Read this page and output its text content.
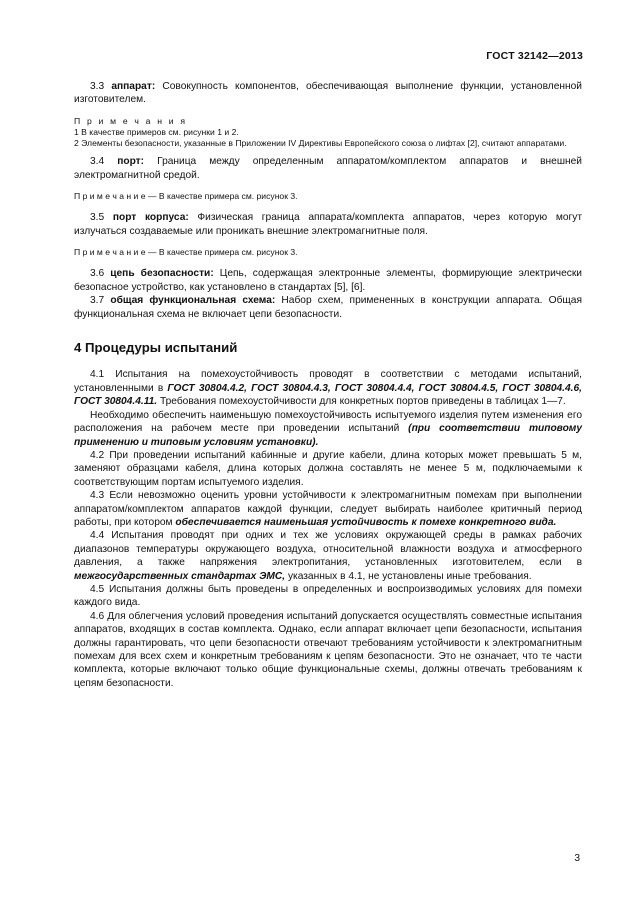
ГОСТ 32142—2013

3.3 аппарат: Совокупность компонентов, обеспечивающая выполнение функции, установленной изготовителем.

П р и м е ч а н и я

1 В качестве примеров см. рисунки 1 и 2.

2 Элементы безопасности, указанные в Приложении IV Директивы Европейского союза о лифтах [2], считают аппаратами.

3.4 порт: Граница между определенным аппаратом/комплектом аппаратов и внешней электромагнитной средой.

П р и м е ч а н и е — В качестве примера см. рисунок 3.

3.5 порт корпуса: Физическая граница аппарата/комплекта аппаратов, через которую могут излучаться создаваемые или проникать внешние электромагнитные поля.

П р и м е ч а н и е — В качестве примера см. рисунок 3.

3.6 цепь безопасности: Цепь, содержащая электронные элементы, формирующие электрически безопасное устройство, как установлено в стандартах [5], [6].

3.7 общая функциональная схема: Набор схем, примененных в конструкции аппарата. Общая функциональная схема не включает цепи безопасности.

4 Процедуры испытаний

4.1 Испытания на помехоустойчивость проводят в соответствии с методами испытаний, установленными в ГОСТ 30804.4.2, ГОСТ 30804.4.3, ГОСТ 30804.4.4, ГОСТ 30804.4.5, ГОСТ 30804.4.6, ГОСТ 30804.4.11. Требования помехоустойчивости для конкретных портов приведены в таблицах 1—7.

Необходимо обеспечить наименьшую помехоустойчивость испытуемого изделия путем изменения его расположения на рабочем месте при проведении испытаний (при соответствии типовому применению и типовым условиям установки).

4.2 При проведении испытаний кабинные и другие кабели, длина которых может превышать 5 м, заменяют образцами кабеля, длина которых должна составлять не менее 5 м, подключаемыми к соответствующим портам испытуемого изделия.

4.3 Если невозможно оценить уровни устойчивости к электромагнитным помехам при выполнении аппаратом/комплектом аппаратов каждой функции, следует выбирать наиболее критичный период работы, при котором обеспечивается наименьшая устойчивость к помехе конкретного вида.

4.4 Испытания проводят при одних и тех же условиях окружающей среды в рамках рабочих диапазонов температуры окружающего воздуха, относительной влажности воздуха и атмосферного давления, а также напряжения электропитания, установленных изготовителем, если в межгосударственных стандартах ЭМС, указанных в 4.1, не установлены иные требования.

4.5 Испытания должны быть проведены в определенных и воспроизводимых условиях для помехи каждого вида.

4.6 Для облегчения условий проведения испытаний допускается осуществлять совместные испытания аппаратов, входящих в состав комплекта. Однако, если аппарат включает цепи безопасности, испытания должны гарантировать, что цепи безопасности отвечают требованиям устойчивости к электромагнитным помехам для всех схем и конкретным требованиям к цепям безопасности. Это не означает, что те части комплекта, которые включают только общие функциональные схемы, должны отвечать требованиям к цепям безопасности.

3
